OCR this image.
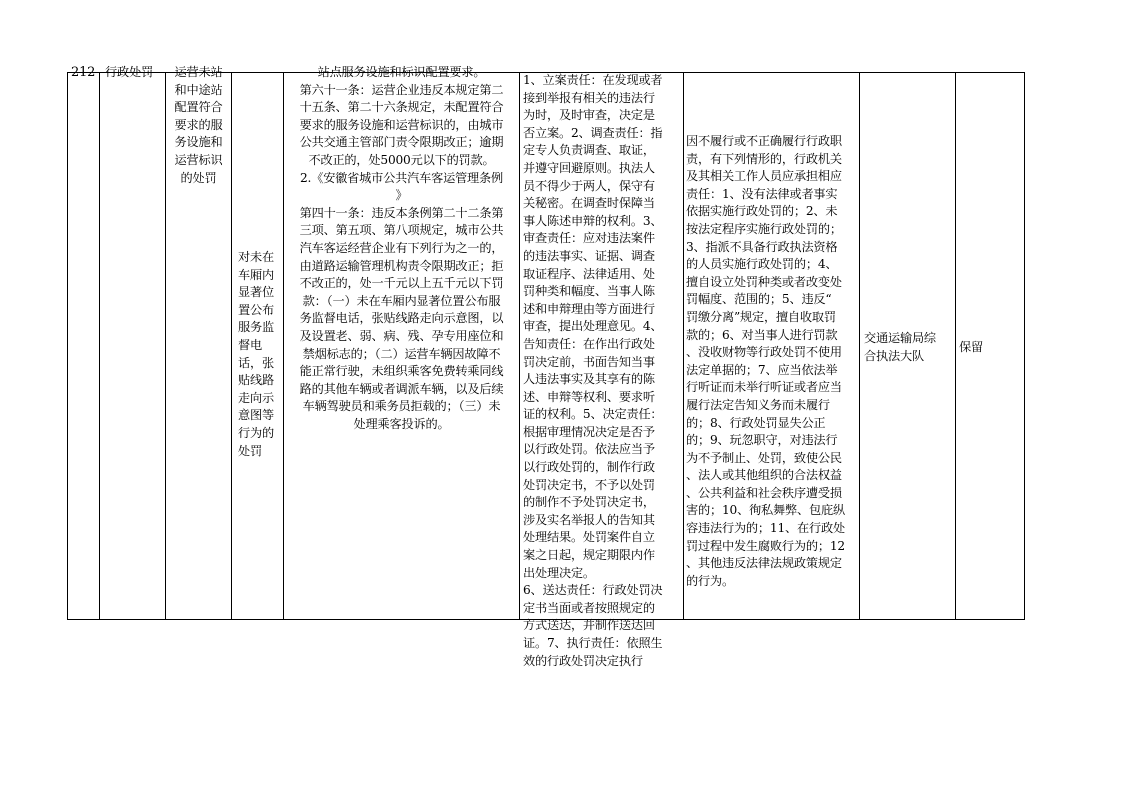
212 行政处罚	运营未站
和中途站
配置符合
要求的服
务设施和
运营标识
的处罚
对未在
车厢内
显著位
置公布
服务监
督电
话，张
贴线路
走向示
意图等
行为的
处罚
站点服务设施和标识配置要求。
第六十一条：运营企业违反本规定第二
十五条、第二十六条规定，未配置符合
要求的服务设施和运营标识的，由城市
公共交通主管部门责令限期改正；逾期
不改正的，处5000元以下的罚款。
2.《安徽省城市公共汽车客运管理条例
》
第四十一条：违反本条例第二十二条第
三项、第五项、第八项规定，城市公共
汽车客运经营企业有下列行为之一的，
由道路运输管理机构责令限期改正；拒
不改正的，处一千元以上五千元以下罚
款：（一）未在车厢内显著位置公布服
务监督电话，张贴线路走向示意图，以
及设置老、弱、病、残、孕专用座位和
禁烟标志的；（二）运营车辆因故障不
能正常行驶，未组织乘客免费转乘同线
路的其他车辆或者调派车辆，以及后续
车辆驾驶员和乘务员拒载的；（三）未
处理乘客投诉的。
1、立案责任：在发现或者
接到举报有相关的违法行
为时，及时审查，决定是
否立案。2、调查责任：指
定专人负责调查、取证，
并遵守回避原则。执法人
员不得少于两人，保守有
关秘密。在调查时保障当
事人陈述申辩的权利。3、
审查责任：应对违法案件
的违法事实、证据、调查
取证程序、法律适用、处
罚种类和幅度、当事人陈
述和申辩理由等方面进行
审查，提出处理意见。4、
告知责任：在作出行政处
罚决定前，书面告知当事
人违法事实及其享有的陈
述、申辩等权利、要求听
证的权利。5、决定责任：
根据审理情况决定是否予
以行政处罚。依法应当予
以行政处罚的，制作行政
处罚决定书，不予以处罚
的制作不予处罚决定书，
涉及实名举报人的告知其
处理结果。处罚案件自立
案之日起，规定期限内作
出处理决定。
6、送达责任：行政处罚决
定书当面或者按照规定的
方式送达，并制作送达回
证。7、执行责任：依照生
效的行政处罚决定执行
因不履行或不正确履行行政职
责，有下列情形的，行政机关
及其相关工作人员应承担相应
责任：1、没有法律或者事实
依据实施行政处罚的；2、未
按法定程序实施行政处罚的；
3、指派不具备行政执法资格
的人员实施行政处罚的；4、
擅自设立处罚种类或者改变处
罚幅度、范围的；5、违反“
罚缴分离”规定，擅自收取罚
款的；6、对当事人进行罚款
、没收财物等行政处罚不使用
法定单据的；7、应当依法举
行听证而未举行听证或者应当
履行法定告知义务而未履行
的；8、行政处罚显失公正
的；9、玩忽职守，对违法行
为不予制止、处罚，致使公民
、法人或其他组织的合法权益
、公共利益和社会秩序遭受损
害的；10、徇私舞弊、包庇纵
容违法行为的；11、在行政处
罚过程中发生腐败行为的；12
、其他违反法律法规政策规定
的行为。
交通运输局综
合执法大队
保留
